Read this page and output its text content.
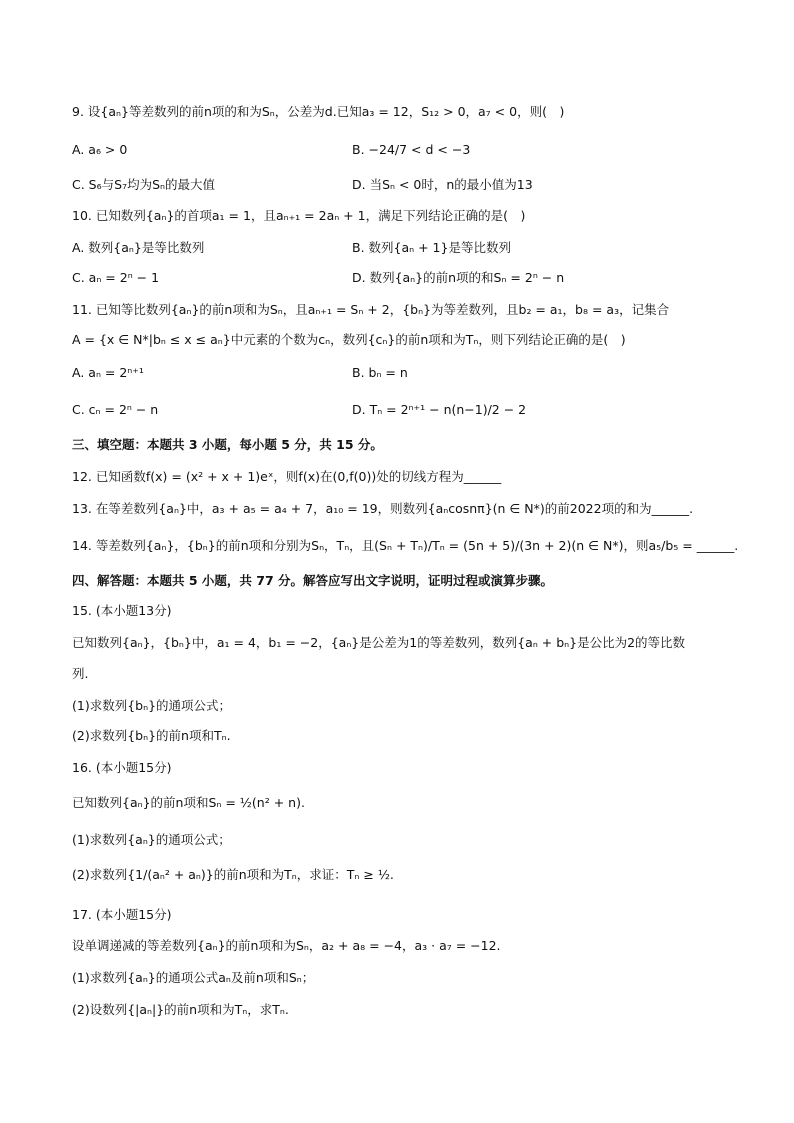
9. 设{aₙ}等差数列的前n项的和为Sₙ，公差为d.已知a₃ = 12，S₁₂ > 0，a₇ < 0，则(　)
A. a₆ > 0	B. −24/7 < d < −3
C. S₆与S₇均为Sₙ的最大值	D. 当Sₙ < 0时，n的最小值为13
10. 已知数列{aₙ}的首项a₁ = 1，且aₙ₊₁ = 2aₙ + 1，满足下列结论正确的是(　)
A. 数列{aₙ}是等比数列	B. 数列{aₙ + 1}是等比数列
C. aₙ = 2ⁿ − 1	D. 数列{aₙ}的前n项的和Sₙ = 2ⁿ − n
11. 已知等比数列{aₙ}的前n项和为Sₙ，且aₙ₊₁ = Sₙ + 2，{bₙ}为等差数列，且b₂ = a₁，b₈ = a₃，记集合
A = {x ∈ N*|bₙ ≤ x ≤ aₙ}中元素的个数为cₙ，数列{cₙ}的前n项和为Tₙ，则下列结论正确的是(　)
A. aₙ = 2ⁿ⁺¹	B. bₙ = n
C. cₙ = 2ⁿ − n	D. Tₙ = 2ⁿ⁺¹ − n(n−1)/2 − 2
三、填空题：本题共 3 小题，每小题 5 分，共 15 分。
12. 已知函数f(x) = (x² + x + 1)eˣ，则f(x)在(0,f(0))处的切线方程为______
13. 在等差数列{aₙ}中，a₃ + a₅ = a₄ + 7，a₁₀ = 19，则数列{aₙcosnπ}(n ∈ N*)的前2022项的和为______.
14. 等差数列{aₙ}，{bₙ}的前n项和分别为Sₙ，Tₙ，且(Sₙ + Tₙ)/Tₙ = (5n + 5)/(3n + 2)(n ∈ N*)，则a₅/b₅ = ______.
四、解答题：本题共 5 小题，共 77 分。解答应写出文字说明，证明过程或演算步骤。
15. (本小题13分)
已知数列{aₙ}，{bₙ}中，a₁ = 4，b₁ = −2，{aₙ}是公差为1的等差数列，数列{aₙ + bₙ}是公比为2的等比数
列.
(1)求数列{bₙ}的通项公式；
(2)求数列{bₙ}的前n项和Tₙ.
16. (本小题15分)
已知数列{aₙ}的前n项和Sₙ = ½(n² + n).
(1)求数列{aₙ}的通项公式；
(2)求数列{1/(aₙ² + aₙ)}的前n项和为Tₙ，求证：Tₙ ≥ ½.
17. (本小题15分)
设单调递减的等差数列{aₙ}的前n项和为Sₙ，a₂ + a₈ = −4，a₃ · a₇ = −12.
(1)求数列{aₙ}的通项公式aₙ及前n项和Sₙ；
(2)设数列{|aₙ|}的前n项和为Tₙ，求Tₙ.
